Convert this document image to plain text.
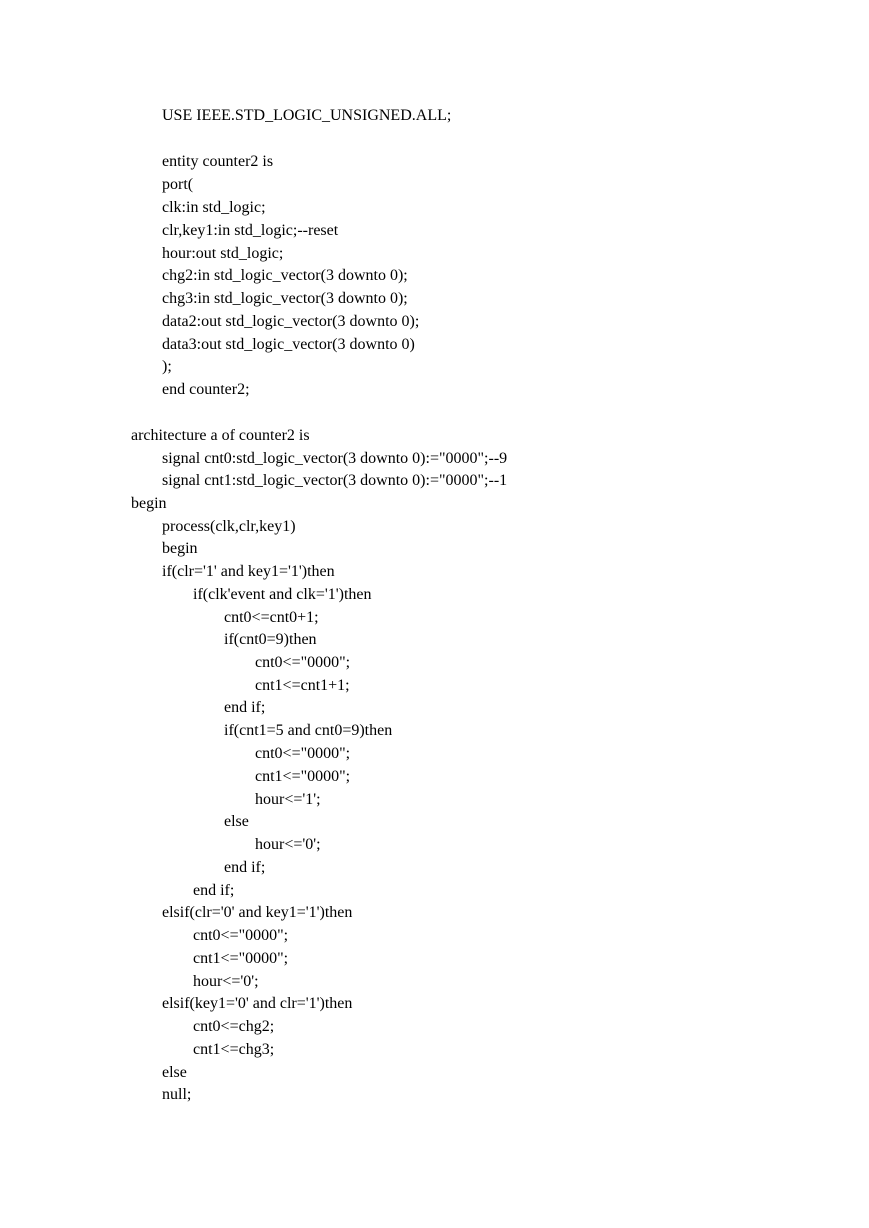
USE IEEE.STD_LOGIC_UNSIGNED.ALL;

entity counter2 is

port(

clk:in std_logic;

clr,key1:in std_logic;--reset

hour:out std_logic;

chg2:in std_logic_vector(3 downto 0);

chg3:in std_logic_vector(3 downto 0);

data2:out std_logic_vector(3 downto 0);

data3:out std_logic_vector(3 downto 0)

);

end counter2;

architecture a of counter2 is

signal cnt0:std_logic_vector(3 downto 0):="0000";--9

signal cnt1:std_logic_vector(3 downto 0):="0000";--1

begin

process(clk,clr,key1)

begin

if(clr='1' and key1='1')then

if(clk'event and clk='1')then

cnt0<=cnt0+1;

if(cnt0=9)then

cnt0<="0000";

cnt1<=cnt1+1;

end if;

if(cnt1=5 and cnt0=9)then

cnt0<="0000";

cnt1<="0000";

hour<='1';

else

hour<='0';

end if;

end if;

elsif(clr='0' and key1='1')then

cnt0<="0000";

cnt1<="0000";

hour<='0';

elsif(key1='0' and clr='1')then

cnt0<=chg2;

cnt1<=chg3;

else

null;
